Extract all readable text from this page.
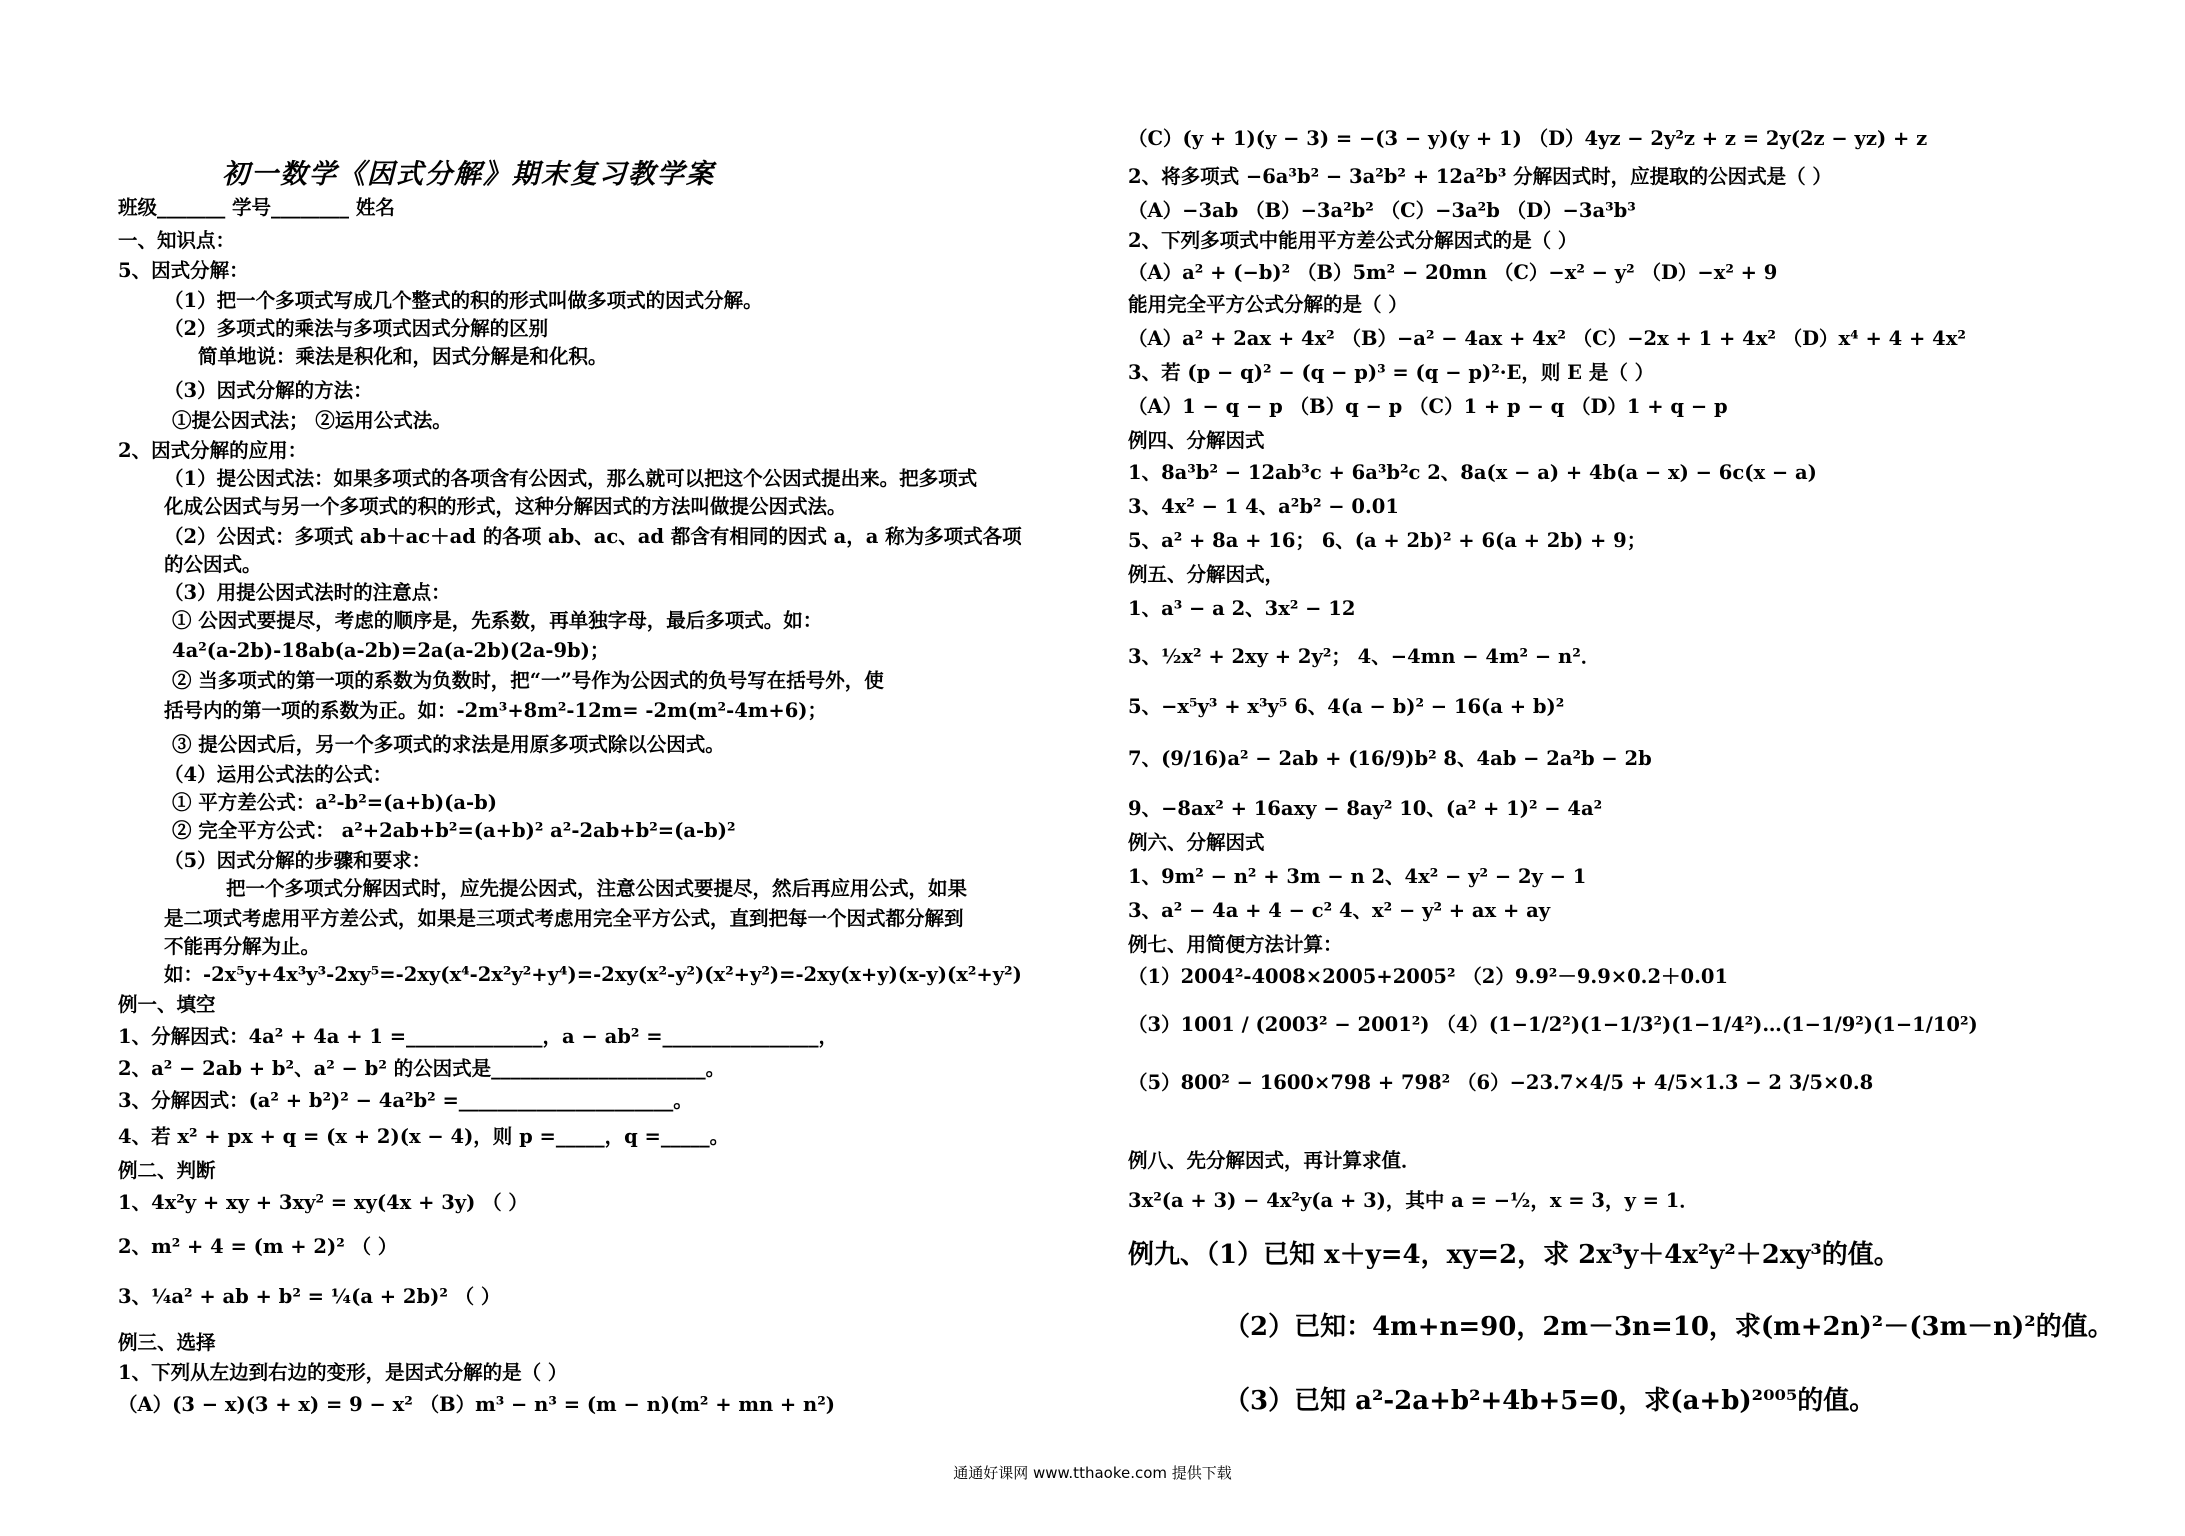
初一数学《因式分解》期末复习教学案
班级_______ 学号________ 姓名
一、知识点：
5、因式分解：
（1）把一个多项式写成几个整式的积的形式叫做多项式的因式分解。
（2）多项式的乘法与多项式因式分解的区别
简单地说：乘法是积化和，因式分解是和化积。
（3）因式分解的方法：
①提公因式法； ②运用公式法。
2、因式分解的应用：
（1）提公因式法：如果多项式的各项含有公因式，那么就可以把这个公因式提出来。把多项式
化成公因式与另一个多项式的积的形式，这种分解因式的方法叫做提公因式法。
（2）公因式：多项式 ab＋ac＋ad 的各项 ab、ac、ad 都含有相同的因式 a，a 称为多项式各项
的公因式。
（3）用提公因式法时的注意点：
① 公因式要提尽，考虑的顺序是，先系数，再单独字母，最后多项式。如：
4a²(a-2b)-18ab(a-2b)=2a(a-2b)(2a-9b)；
② 当多项式的第一项的系数为负数时，把“一”号作为公因式的负号写在括号外，使
括号内的第一项的系数为正。如：-2m³+8m²-12m= -2m(m²-4m+6)；
③ 提公因式后，另一个多项式的求法是用原多项式除以公因式。
（4）运用公式法的公式：
① 平方差公式：a²-b²=(a+b)(a-b)
② 完全平方公式： a²+2ab+b²=(a+b)² a²-2ab+b²=(a-b)²
（5）因式分解的步骤和要求：
把一个多项式分解因式时，应先提公因式，注意公因式要提尽，然后再应用公式，如果
是二项式考虑用平方差公式，如果是三项式考虑用完全平方公式，直到把每一个因式都分解到
不能再分解为止。
如：-2x⁵y+4x³y³-2xy⁵=-2xy(x⁴-2x²y²+y⁴)=-2xy(x²-y²)(x²+y²)=-2xy(x+y)(x-y)(x²+y²)
例一、填空
1、分解因式：4a² + 4a + 1 =______________，a − ab² =________________，
2、a² − 2ab + b²、a² − b² 的公因式是______________________。
3、分解因式：(a² + b²)² − 4a²b² =______________________。
4、若 x² + px + q = (x + 2)(x − 4)，则 p =_____，q =_____。
例二、判断
1、4x²y + xy + 3xy² = xy(4x + 3y) （ ）
2、m² + 4 = (m + 2)² （ ）
3、¼a² + ab + b² = ¼(a + 2b)² （ ）
例三、选择
1、下列从左边到右边的变形，是因式分解的是（ ）
（A）(3 − x)(3 + x) = 9 − x² （B）m³ − n³ = (m − n)(m² + mn + n²)
（C）(y + 1)(y − 3) = −(3 − y)(y + 1) （D）4yz − 2y²z + z = 2y(2z − yz) + z
2、将多项式 −6a³b² − 3a²b² + 12a²b³ 分解因式时，应提取的公因式是（ ）
（A）−3ab （B）−3a²b² （C）−3a²b （D）−3a³b³
2、下列多项式中能用平方差公式分解因式的是（ ）
（A）a² + (−b)² （B）5m² − 20mn （C）−x² − y² （D）−x² + 9
能用完全平方公式分解的是（ ）
（A）a² + 2ax + 4x² （B）−a² − 4ax + 4x² （C）−2x + 1 + 4x² （D）x⁴ + 4 + 4x²
3、若 (p − q)² − (q − p)³ = (q − p)²·E，则 E 是（ ）
（A）1 − q − p （B）q − p （C）1 + p − q （D）1 + q − p
例四、分解因式
1、8a³b² − 12ab³c + 6a³b²c 2、8a(x − a) + 4b(a − x) − 6c(x − a)
3、4x² − 1 4、a²b² − 0.01
5、a² + 8a + 16； 6、(a + 2b)² + 6(a + 2b) + 9；
例五、分解因式，
1、a³ − a 2、3x² − 12
3、½x² + 2xy + 2y²； 4、−4mn − 4m² − n²．
5、−x⁵y³ + x³y⁵ 6、4(a − b)² − 16(a + b)²
7、(9/16)a² − 2ab + (16/9)b² 8、4ab − 2a²b − 2b
9、−8ax² + 16axy − 8ay² 10、(a² + 1)² − 4a²
例六、分解因式
1、9m² − n² + 3m − n 2、4x² − y² − 2y − 1
3、a² − 4a + 4 − c² 4、x² − y² + ax + ay
例七、用简便方法计算：
（1）2004²-4008×2005+2005² （2）9.9²－9.9×0.2＋0.01
（3）1001 / (2003² − 2001²) （4）(1−1/2²)(1−1/3²)(1−1/4²)…(1−1/9²)(1−1/10²)
（5）800² − 1600×798 + 798² （6）−23.7×4/5 + 4/5×1.3 − 2 3/5×0.8
例八、先分解因式，再计算求值．
3x²(a + 3) − 4x²y(a + 3)，其中 a = −½，x = 3，y = 1．
例九、（1）已知 x＋y=4，xy=2，求 2x³y＋4x²y²＋2xy³的值。
（2）已知：4m+n=90，2m－3n=10，求(m+2n)²－(3m－n)²的值。
（3）已知 a²-2a+b²+4b+5=0，求(a+b)²⁰⁰⁵的值。
通通好课网 www.tthaoke.com 提供下载
